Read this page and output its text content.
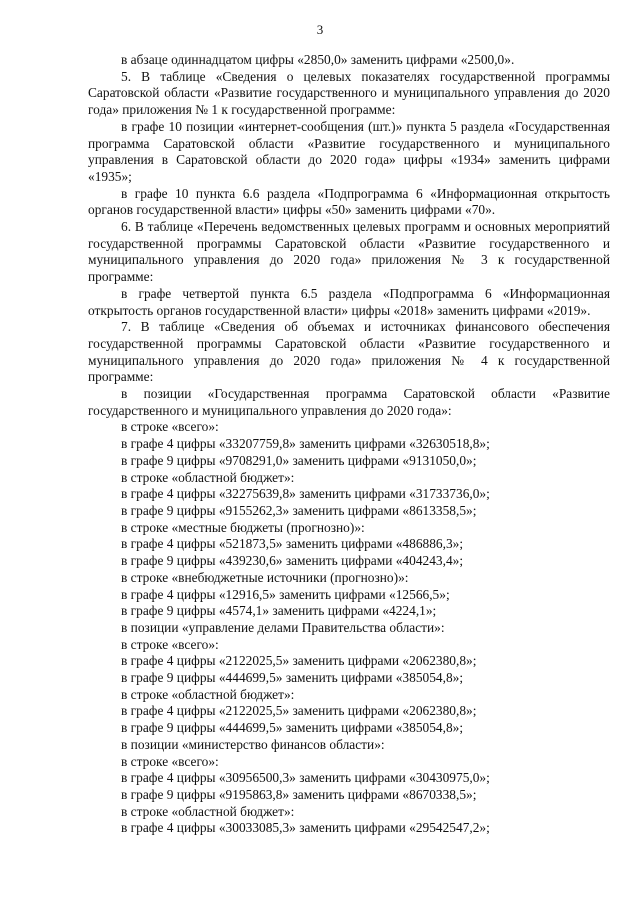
3
в абзаце одиннадцатом цифры «2850,0» заменить цифрами «2500,0».
5. В таблице «Сведения о целевых показателях государственной программы Саратовской области «Развитие государственного и муниципального управления до 2020 года» приложения № 1 к государственной программе:
в графе 10 позиции «интернет-сообщения (шт.)» пункта 5 раздела «Государственная программа Саратовской области «Развитие государственного и муниципального управления в Саратовской области до 2020 года» цифры «1934» заменить цифрами «1935»;
в графе 10 пункта 6.6 раздела «Подпрограмма 6 «Информационная открытость органов государственной власти» цифры «50» заменить цифрами «70».
6. В таблице «Перечень ведомственных целевых программ и основных мероприятий государственной программы Саратовской области «Развитие государственного и муниципального управления до 2020 года» приложения № 3 к государственной программе:
в графе четвертой пункта 6.5 раздела «Подпрограмма 6 «Информационная открытость органов государственной власти» цифры «2018» заменить цифрами «2019».
7. В таблице «Сведения об объемах и источниках финансового обеспечения государственной программы Саратовской области «Развитие государственного и муниципального управления до 2020 года» приложения № 4 к государственной программе:
в позиции «Государственная программа Саратовской области «Развитие государственного и муниципального управления до 2020 года»:
в строке «всего»:
в графе 4 цифры «33207759,8» заменить цифрами «32630518,8»;
в графе 9 цифры «9708291,0» заменить цифрами «9131050,0»;
в строке «областной бюджет»:
в графе 4 цифры «32275639,8» заменить цифрами «31733736,0»;
в графе 9 цифры «9155262,3» заменить цифрами «8613358,5»;
в строке «местные бюджеты (прогнозно)»:
в графе 4 цифры «521873,5» заменить цифрами «486886,3»;
в графе 9 цифры «439230,6» заменить цифрами «404243,4»;
в строке «внебюджетные источники (прогнозно)»:
в графе 4 цифры «12916,5» заменить цифрами «12566,5»;
в графе 9 цифры «4574,1» заменить цифрами «4224,1»;
в позиции «управление делами Правительства области»:
в строке «всего»:
в графе 4 цифры «2122025,5» заменить цифрами «2062380,8»;
в графе 9 цифры «444699,5» заменить цифрами «385054,8»;
в строке «областной бюджет»:
в графе 4 цифры «2122025,5» заменить цифрами «2062380,8»;
в графе 9 цифры «444699,5» заменить цифрами «385054,8»;
в позиции «министерство финансов области»:
в строке «всего»:
в графе 4 цифры «30956500,3» заменить цифрами «30430975,0»;
в графе 9 цифры «9195863,8» заменить цифрами «8670338,5»;
в строке «областной бюджет»:
в графе 4 цифры «30033085,3» заменить цифрами «29542547,2»;
